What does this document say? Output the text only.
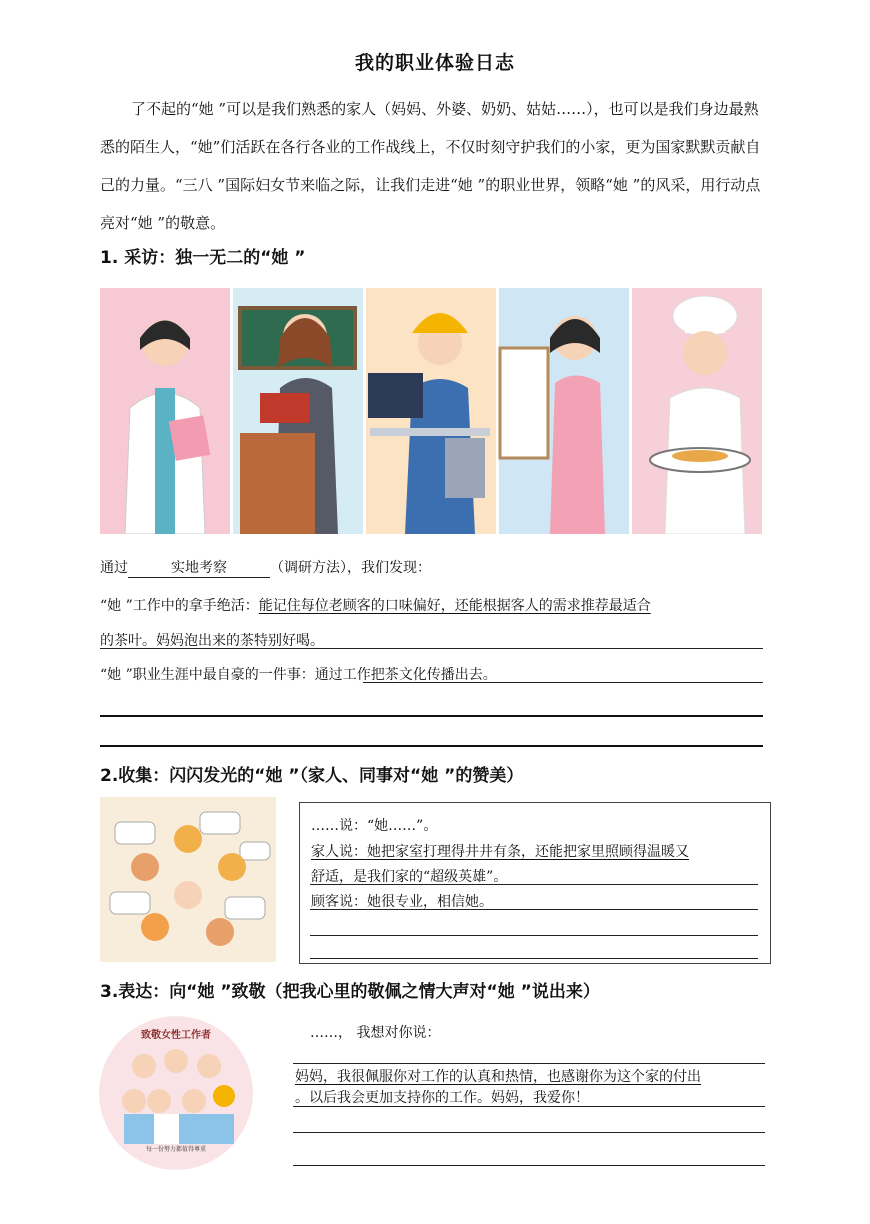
我的职业体验日志

了不起的“她 ”可以是我们熟悉的家人（妈妈、外婆、奶奶、姑姑……），也可以是我们身边最熟悉的陌生人，“她”们活跃在各行各业的工作战线上，不仅时刻守护我们的小家，更为国家默默贡献自己的力量。“三八 ”国际妇女节来临之际，让我们走进“她 ”的职业世界，领略“她 ”的风采，用行动点亮对“她 ”的敬意。

1. 采访：独一无二的“她 ”
通过	实地考察	（调研方法），我们发现：
“她 ”工作中的拿手绝活：能记住每位老顾客的口味偏好，还能根据客人的需求推荐最适合
的茶叶。妈妈泡出来的茶特别好喝。
“她 ”职业生涯中最自豪的一件事：通过工作把茶文化传播出去。
2.收集：闪闪发光的“她 ”（家人、同事对“她 ”的赞美）
……说：“她……”。
家人说：她把家室打理得井井有条，还能把家里照顾得温暖又
舒适，是我们家的“超级英雄”。
顾客说：她很专业，相信她。
3.表达：向“她 ”致敬（把我心里的敬佩之情大声对“她 ”说出来）
致敬女性工作者
每一份努力都值得尊重
……， 我想对你说：
妈妈，我很佩服你对工作的认真和热情，也感谢你为这个家的付出
。以后我会更加支持你的工作。妈妈，我爱你！
